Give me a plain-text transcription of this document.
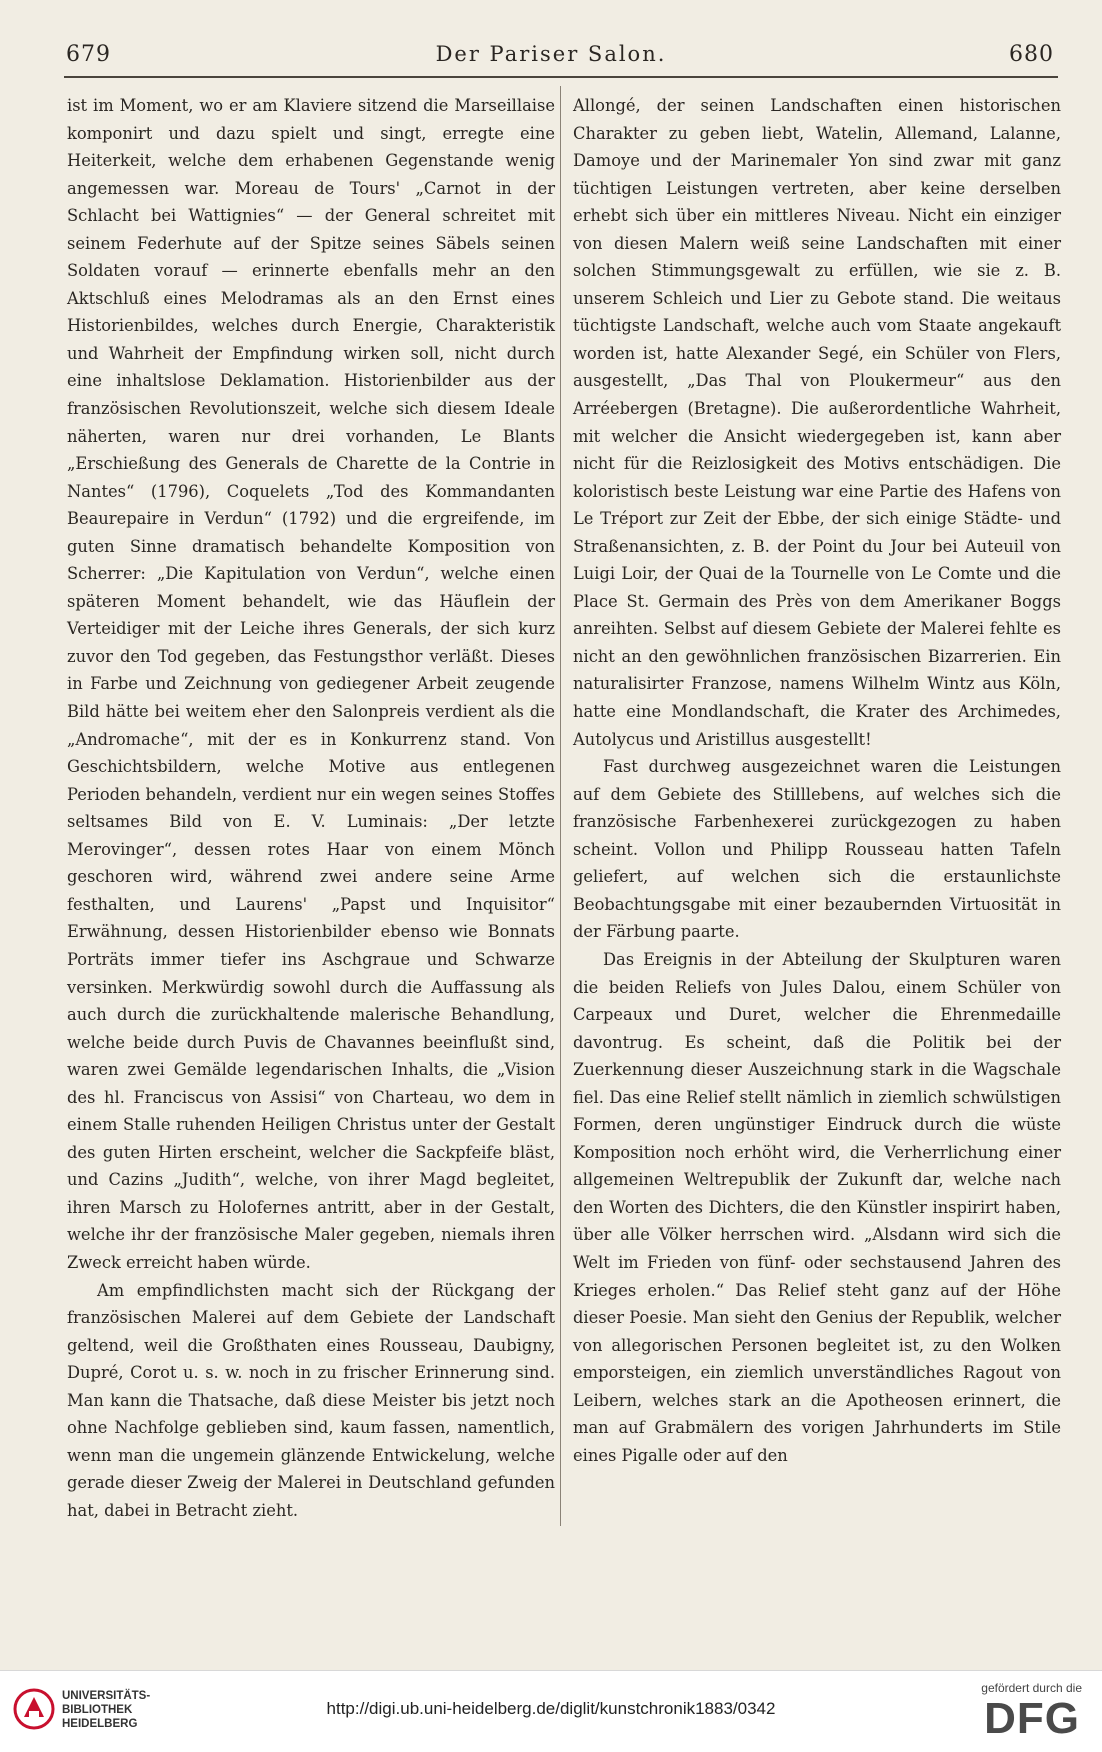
679	Der Pariser Salon.	680

ist im Moment, wo er am Klaviere sitzend die Marseillaise komponirt und dazu spielt und singt, erregte eine Heiterkeit, welche dem erhabenen Gegenstande wenig angemessen war. Moreau de Tours' „Carnot in der Schlacht bei Wattignies“ — der General schreitet mit seinem Federhute auf der Spitze seines Säbels seinen Soldaten vorauf — erinnerte ebenfalls mehr an den Aktschluß eines Melodramas als an den Ernst eines Historienbildes, welches durch Energie, Charakteristik und Wahrheit der Empfindung wirken soll, nicht durch eine inhaltslose Deklamation. Historienbilder aus der französischen Revolutionszeit, welche sich diesem Ideale näherten, waren nur drei vorhanden, Le Blants „Erschießung des Generals de Charette de la Contrie in Nantes“ (1796), Coquelets „Tod des Kommandanten Beaurepaire in Verdun“ (1792) und die ergreifende, im guten Sinne dramatisch behandelte Komposition von Scherrer: „Die Kapitulation von Verdun“, welche einen späteren Moment behandelt, wie das Häuflein der Verteidiger mit der Leiche ihres Generals, der sich kurz zuvor den Tod gegeben, das Festungsthor verläßt. Dieses in Farbe und Zeichnung von gediegener Arbeit zeugende Bild hätte bei weitem eher den Salonpreis verdient als die „Andromache“, mit der es in Konkurrenz stand. Von Geschichtsbildern, welche Motive aus entlegenen Perioden behandeln, verdient nur ein wegen seines Stoffes seltsames Bild von E. V. Luminais: „Der letzte Merovinger“, dessen rotes Haar von einem Mönch geschoren wird, während zwei andere seine Arme festhalten, und Laurens' „Papst und Inquisitor“ Erwähnung, dessen Historienbilder ebenso wie Bonnats Porträts immer tiefer ins Aschgraue und Schwarze versinken. Merkwürdig sowohl durch die Auffassung als auch durch die zurückhaltende malerische Behandlung, welche beide durch Puvis de Chavannes beeinflußt sind, waren zwei Gemälde legendarischen Inhalts, die „Vision des hl. Franciscus von Assisi“ von Charteau, wo dem in einem Stalle ruhenden Heiligen Christus unter der Gestalt des guten Hirten erscheint, welcher die Sackpfeife bläst, und Cazins „Judith“, welche, von ihrer Magd begleitet, ihren Marsch zu Holofernes antritt, aber in der Gestalt, welche ihr der französische Maler gegeben, niemals ihren Zweck erreicht haben würde.

Am empfindlichsten macht sich der Rückgang der französischen Malerei auf dem Gebiete der Landschaft geltend, weil die Großthaten eines Rousseau, Daubigny, Dupré, Corot u. s. w. noch in zu frischer Erinnerung sind. Man kann die Thatsache, daß diese Meister bis jetzt noch ohne Nachfolge geblieben sind, kaum fassen, namentlich, wenn man die ungemein glänzende Entwickelung, welche gerade dieser Zweig der Malerei in Deutschland gefunden hat, dabei in Betracht zieht.

Allongé, der seinen Landschaften einen historischen Charakter zu geben liebt, Watelin, Allemand, Lalanne, Damoye und der Marinemaler Yon sind zwar mit ganz tüchtigen Leistungen vertreten, aber keine derselben erhebt sich über ein mittleres Niveau. Nicht ein einziger von diesen Malern weiß seine Landschaften mit einer solchen Stimmungsgewalt zu erfüllen, wie sie z. B. unserem Schleich und Lier zu Gebote stand. Die weitaus tüchtigste Landschaft, welche auch vom Staate angekauft worden ist, hatte Alexander Segé, ein Schüler von Flers, ausgestellt, „Das Thal von Ploukermeur“ aus den Arréebergen (Bretagne). Die außerordentliche Wahrheit, mit welcher die Ansicht wiedergegeben ist, kann aber nicht für die Reizlosigkeit des Motivs entschädigen. Die koloristisch beste Leistung war eine Partie des Hafens von Le Tréport zur Zeit der Ebbe, der sich einige Städte- und Straßenansichten, z. B. der Point du Jour bei Auteuil von Luigi Loir, der Quai de la Tournelle von Le Comte und die Place St. Germain des Près von dem Amerikaner Boggs anreihten. Selbst auf diesem Gebiete der Malerei fehlte es nicht an den gewöhnlichen französischen Bizarrerien. Ein naturalisirter Franzose, namens Wilhelm Wintz aus Köln, hatte eine Mondlandschaft, die Krater des Archimedes, Autolycus und Aristillus ausgestellt!

Fast durchweg ausgezeichnet waren die Leistungen auf dem Gebiete des Stilllebens, auf welches sich die französische Farbenhexerei zurückgezogen zu haben scheint. Vollon und Philipp Rousseau hatten Tafeln geliefert, auf welchen sich die erstaunlichste Beobachtungsgabe mit einer bezaubernden Virtuosität in der Färbung paarte.

Das Ereignis in der Abteilung der Skulpturen waren die beiden Reliefs von Jules Dalou, einem Schüler von Carpeaux und Duret, welcher die Ehrenmedaille davontrug. Es scheint, daß die Politik bei der Zuerkennung dieser Auszeichnung stark in die Wagschale fiel. Das eine Relief stellt nämlich in ziemlich schwülstigen Formen, deren ungünstiger Eindruck durch die wüste Komposition noch erhöht wird, die Verherrlichung einer allgemeinen Weltrepublik der Zukunft dar, welche nach den Worten des Dichters, die den Künstler inspirirt haben, über alle Völker herrschen wird. „Alsdann wird sich die Welt im Frieden von fünf- oder sechstausend Jahren des Krieges erholen.“ Das Relief steht ganz auf der Höhe dieser Poesie. Man sieht den Genius der Republik, welcher von allegorischen Personen begleitet ist, zu den Wolken emporsteigen, ein ziemlich unverständliches Ragout von Leibern, welches stark an die Apotheosen erinnert, die man auf Grabmälern des vorigen Jahrhunderts im Stile eines Pigalle oder auf den

UNIVERSITÄTS-
BIBLIOTHEK
HEIDELBERG
http://digi.ub.uni-heidelberg.de/diglit/kunstchronik1883/0342
gefördert durch die
DFG
